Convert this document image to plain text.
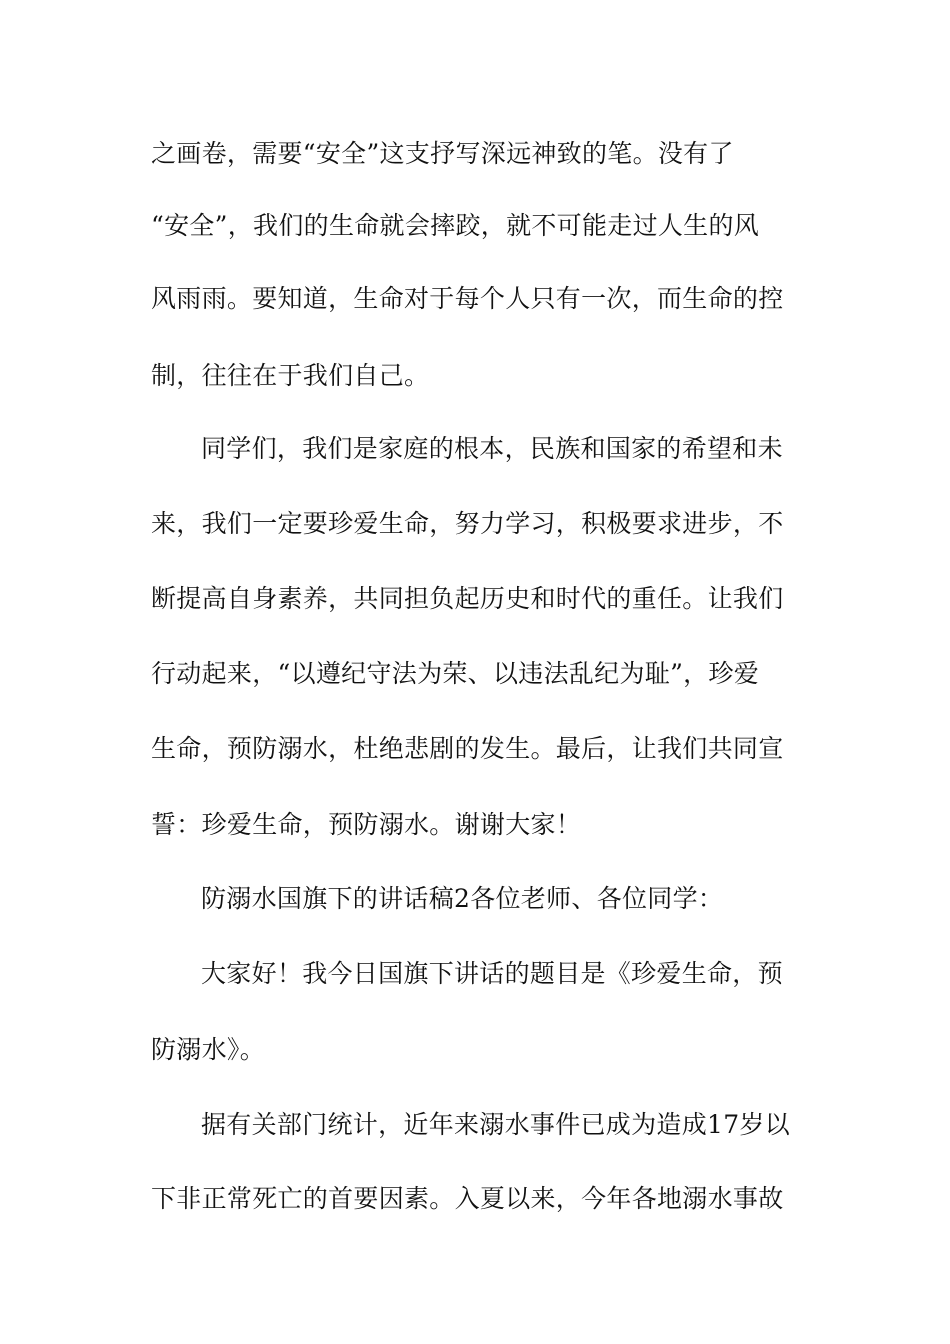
之画卷，需要“安全”这支抒写深远神致的笔。没有了
“安全”，我们的生命就会摔跤，就不可能走过人生的风
风雨雨。要知道，生命对于每个人只有一次，而生命的控
制，往往在于我们自己。
同学们，我们是家庭的根本，民族和国家的希望和未
来，我们一定要珍爱生命，努力学习，积极要求进步，不
断提高自身素养，共同担负起历史和时代的重任。让我们
行动起来，“以遵纪守法为荣、以违法乱纪为耻”，珍爱
生命，预防溺水，杜绝悲剧的发生。最后，让我们共同宣
誓：珍爱生命，预防溺水。谢谢大家！
防溺水国旗下的讲话稿2各位老师、各位同学：
大家好！我今日国旗下讲话的题目是《珍爱生命，预
防溺水》。
据有关部门统计，近年来溺水事件已成为造成17岁以
下非正常死亡的首要因素。入夏以来，今年各地溺水事故
